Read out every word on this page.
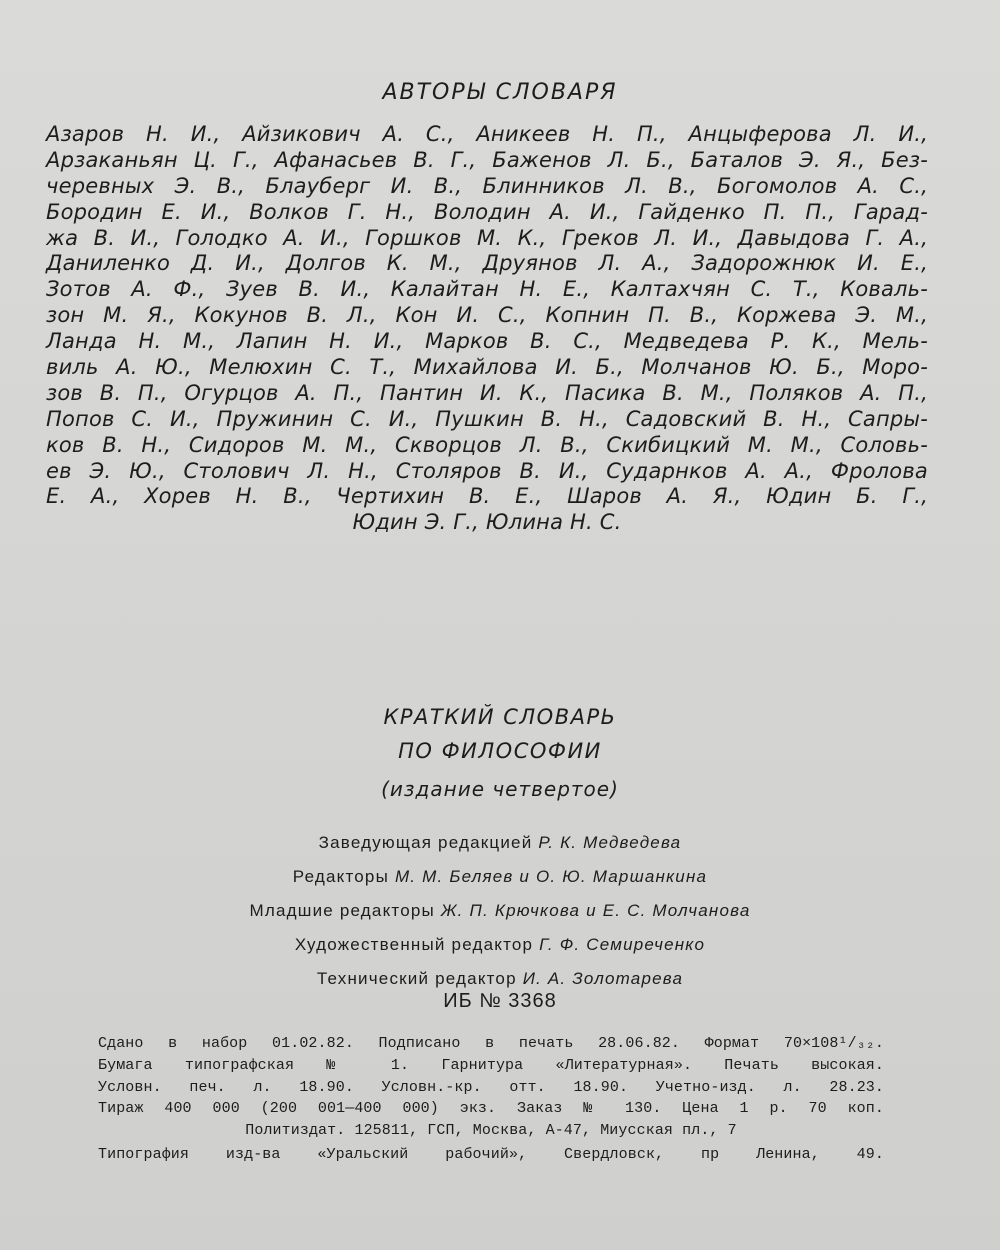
АВТОРЫ СЛОВАРЯ
Азаров Н. И., Айзикович А. С., Аникеев Н. П., Анцыферова Л. И.,
Арзаканьян Ц. Г., Афанасьев В. Г., Баженов Л. Б., Баталов Э. Я., Без-
черевных Э. В., Блауберг И. В., Блинников Л. В., Богомолов А. С.,
Бородин Е. И., Волков Г. Н., Володин А. И., Гайденко П. П., Гарад-
жа В. И., Голодко А. И., Горшков М. К., Греков Л. И., Давыдова Г. А.,
Даниленко Д. И., Долгов К. М., Друянов Л. А., Задорожнюк И. Е.,
Зотов А. Ф., Зуев В. И., Калайтан Н. Е., Калтахчян С. Т., Коваль-
зон М. Я., Кокунов В. Л., Кон И. С., Копнин П. В., Коржева Э. М.,
Ланда Н. М., Лапин Н. И., Марков В. С., Медведева Р. К., Мель-
виль А. Ю., Мелюхин С. Т., Михайлова И. Б., Молчанов Ю. Б., Моро-
зов В. П., Огурцов А. П., Пантин И. К., Пасика В. М., Поляков А. П.,
Попов С. И., Пружинин С. И., Пушкин В. Н., Садовский В. Н., Сапры-
ков В. Н., Сидоров М. М., Скворцов Л. В., Скибицкий М. М., Соловь-
ев Э. Ю., Столович Л. Н., Столяров В. И., Сударнков А. А., Фролова
Е. А., Хорев Н. В., Чертихин В. Е., Шаров А. Я., Юдин Б. Г.,
Юдин Э. Г., Юлина Н. С.
КРАТКИЙ СЛОВАРЬ
ПО ФИЛОСОФИИ
(издание четвертое)
Заведующая редакцией Р. К. Медведева
Редакторы М. М. Беляев и О. Ю. Маршанкина
Младшие редакторы Ж. П. Крючкова и Е. С. Молчанова
Художественный редактор Г. Ф. Семиреченко
Технический редактор И. А. Золотарева
ИБ № 3368
Сдано в набор 01.02.82. Подписано в печать 28.06.82. Формат 70×108¹/₃₂.
Бумага типографская № 1. Гарнитура «Литературная». Печать высокая.
Условн. печ. л. 18.90. Условн.-кр. отт. 18.90. Учетно-изд. л. 28.23.
Тираж 400 000 (200 001—400 000) экз. Заказ № 130. Цена 1 р. 70 коп.
Политиздат. 125811, ГСП, Москва, А-47, Миусская пл., 7
Типография изд-ва «Уральский рабочий», Свердловск, пр Ленина, 49.
